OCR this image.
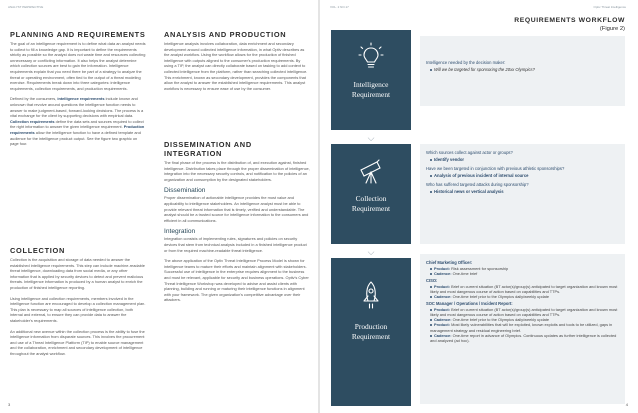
ANALYST PERSPECTIVE
PLANNING AND REQUIREMENTS

The goal of an intelligence requirement is to define what data an analyst needs to collect to fill a knowledge gap. It is important to define the requirements strictly as possible so the analyst does not waste time and resources collecting unnecessary or conflicting information. It also helps the analyst determine which collection sources are best to gain the information. Intelligence requirements explain that you need there be part of a strategy to analyze the threat or operating environment, often tied to the output of a threat modeling exercise. Requirements break down into three categories: intelligence requirements, collection requirements, and production requirements.

Defined by the consumers, intelligence requirements include known and unknown that revolve around questions the intelligence function needs to answer to make judgment-based, forward-looking decisions. The process is a vital exchange for the client by supporting decisions with empirical data. Collection requirements define the data sets and sources required to collect the right information to answer the given intelligence requirement. Production requirements allow the intelligence function to have a defined template and audience for the intelligence product output. See the figure two graphic on page four.

COLLECTION

Collection is the acquisition and storage of data needed to answer the established intelligence requirements. This step can include machine-readable threat intelligence, downloading data from social media, or any other information that is applied by security devices to detect and prevent malicious threats. Intelligence information is produced by a human analyst to enrich the production of finished intelligence reporting.

Using intelligence and collection requirements, members involved in the intelligence function are encouraged to develop a collection management plan. This plan is necessary to map all sources of intelligence collection, both internal and external, to ensure they can provide data to answer the stakeholder's requirements.

An additional new avenue within the collection process is the ability to fuse the intelligence information from disparate sources. This involves the procurement and use of a Threat Intelligence Platform (TIP) to enable source management and the collaboration, enrichment and secondary development of intelligence throughout the analyst workflow.

ANALYSIS AND PRODUCTION

Intelligence analysis involves collaboration, data enrichment and secondary development around collected intelligence information, in what Optiv describes as the analyst workflow. Using the workflow allows for the production of finished intelligence with outputs aligned to the consumer's production requirements. By using a TIP, the analyst can directly collaborate based on tasking to add context to collected intelligence from the platform, rather than searching collected intelligence. This enrichment, known as secondary development, provides the components that allow the analyst to answer the established intelligence requirements. This analyst workflow is necessary to ensure ease of use by the consumer.

DISSEMINATION AND INTEGRATION

The final phase of the process is the distribution of, and execution against, finished intelligence. Distribution takes place through the proper dissemination of intelligence, integration into the necessary security controls, and notification to the policies of an organization and consumption by the designated stakeholders.

Dissemination

Proper dissemination of actionable intelligence provides the most value and applicability to intelligence stakeholders. An intelligence analyst must be able to provide relevant threat information that is timely, verified and understandable. The analyst should be a trusted source for intelligence information to the consumers and efficient in all communications.

Integration

Integration consists of implementing rules, signatures and policies on security devices that stem from technical analysis included in a finished intelligence product or from the required machine-readable threat intelligence.

The above application of the Optiv Threat Intelligence Process Model is shown for intelligence teams to mature their efforts and maintain alignment with stakeholders. Successful use of intelligence in the enterprise requires alignment to the business and must be relevant, applicable for security and business operations. Optiv's Cyber Threat Intelligence Workshop was developed to advise and assist clients with planning, building and running or maturing their intelligence functions in alignment with your framework. The given organization's competitive advantage over their attackers.

3
VOL. 2 NO.17	Optiv Threat Intelligence
REQUIREMENTS WORKFLOW
(Figure 2)
Intelligence
Requirement
⌵
Collection
Requirement
⌵
Production
Requirement
Intelligence needed by the decision maker:
Will we be targeted for sponsoring the 20xx Olympics?
Which sources collect against actor or groups?
Identify vendor
Have we been targeted in conjunction with previous athletic sponsorships?
Analysis of previous incident of internal source
Who has suffered targeted attacks during sponsorship?
Historical news or vertical analysis
Chief Marketing Officer:
Product: Risk assessment for sponsorship
Cadence: One-time brief
CISO:
Product: Brief on current situation (BT actor(s)/group(s) anticipated to target organization and known most likely and most dangerous course of action based on capabilities and TTPs.
Cadence: One-time brief prior to the Olympics daily/weekly update
SOC Manager / Operations / Incident Report:
Product: Brief on current situation (BT actor(s)/group(s) anticipated to target organization and known most likely and most dangerous course of action based on capabilities and TTPs.
Cadence: One-time brief prior to the Olympics daily/weekly update
Product: Most likely vulnerabilities that will be exploited, known exploits and tools to be utilized, gaps in management strategy and residual engineering brief.
Cadence: One-time report in advance of Olympics. Continuous updates as further intelligence is collected and analyzed (ad hoc).
4
